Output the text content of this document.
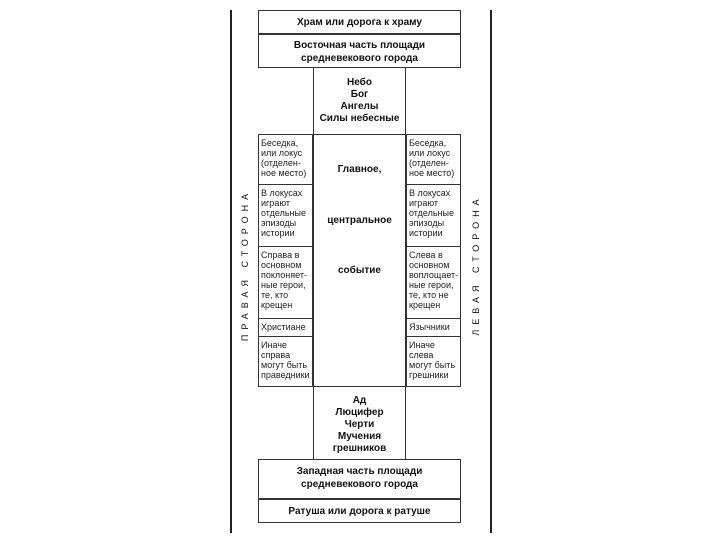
ПРАВАЯ СТОРОНА	ЛЕВАЯ СТОРОНА
Храм или дорога к храму
Восточная часть площади
средневекового города
Небо
Бог
Ангелы
Силы небесные
Беседка,
или локус
(отделен-
ное место)
В локусах
играют
отдельные
эпизоды
истории
Справа в
основном
поклоняет-
ные герои,
те, кто
крещен
Христиане
Иначе
справа
могут быть
праведники
Главное,
центральное
событие
Беседка,
или локус
(отделен-
ное место)
В локусах
играют
отдельные
эпизоды
истории
Слева в
основном
воплощает-
ные герои,
те, кто не
крещен
Язычники
Иначе
слева
могут быть
грешники
Ад
Люцифер
Черти
Мучения
грешников
Западная часть площади
средневекового города
Ратуша или дорога к ратуше
